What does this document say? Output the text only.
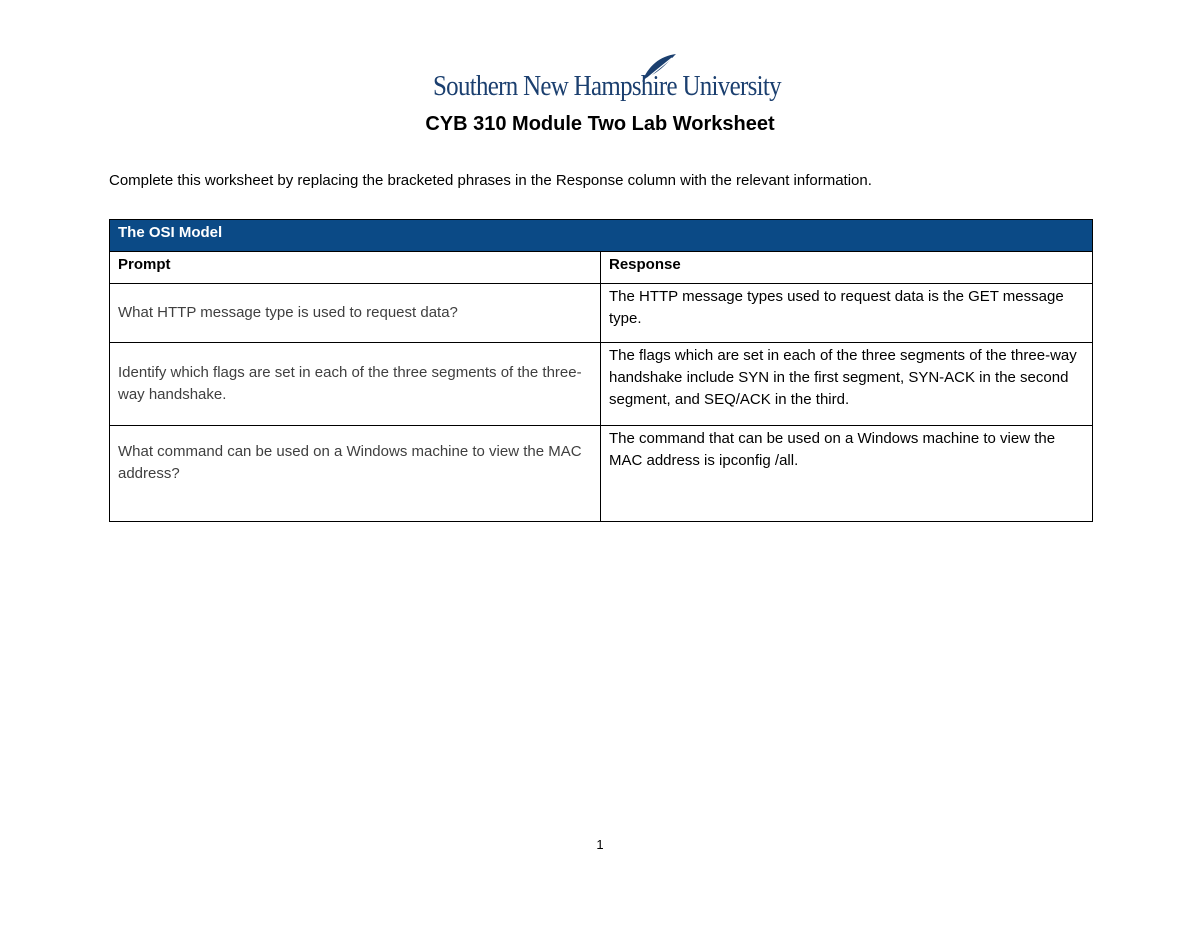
Southern New Hampshire University
CYB 310 Module Two Lab Worksheet
Complete this worksheet by replacing the bracketed phrases in the Response column with the relevant information.
The OSI Model	
Prompt	Response
What HTTP message type is used to request data?	The HTTP message types used to request data is the GET message type.
Identify which flags are set in each of the three segments of the three-way handshake.	The flags which are set in each of the three segments of the three-way handshake include SYN in the first segment, SYN-ACK in the second segment, and SEQ/ACK in the third.
What command can be used on a Windows machine to view the MAC address?	The command that can be used on a Windows machine to view the MAC address is ipconfig /all.
1
